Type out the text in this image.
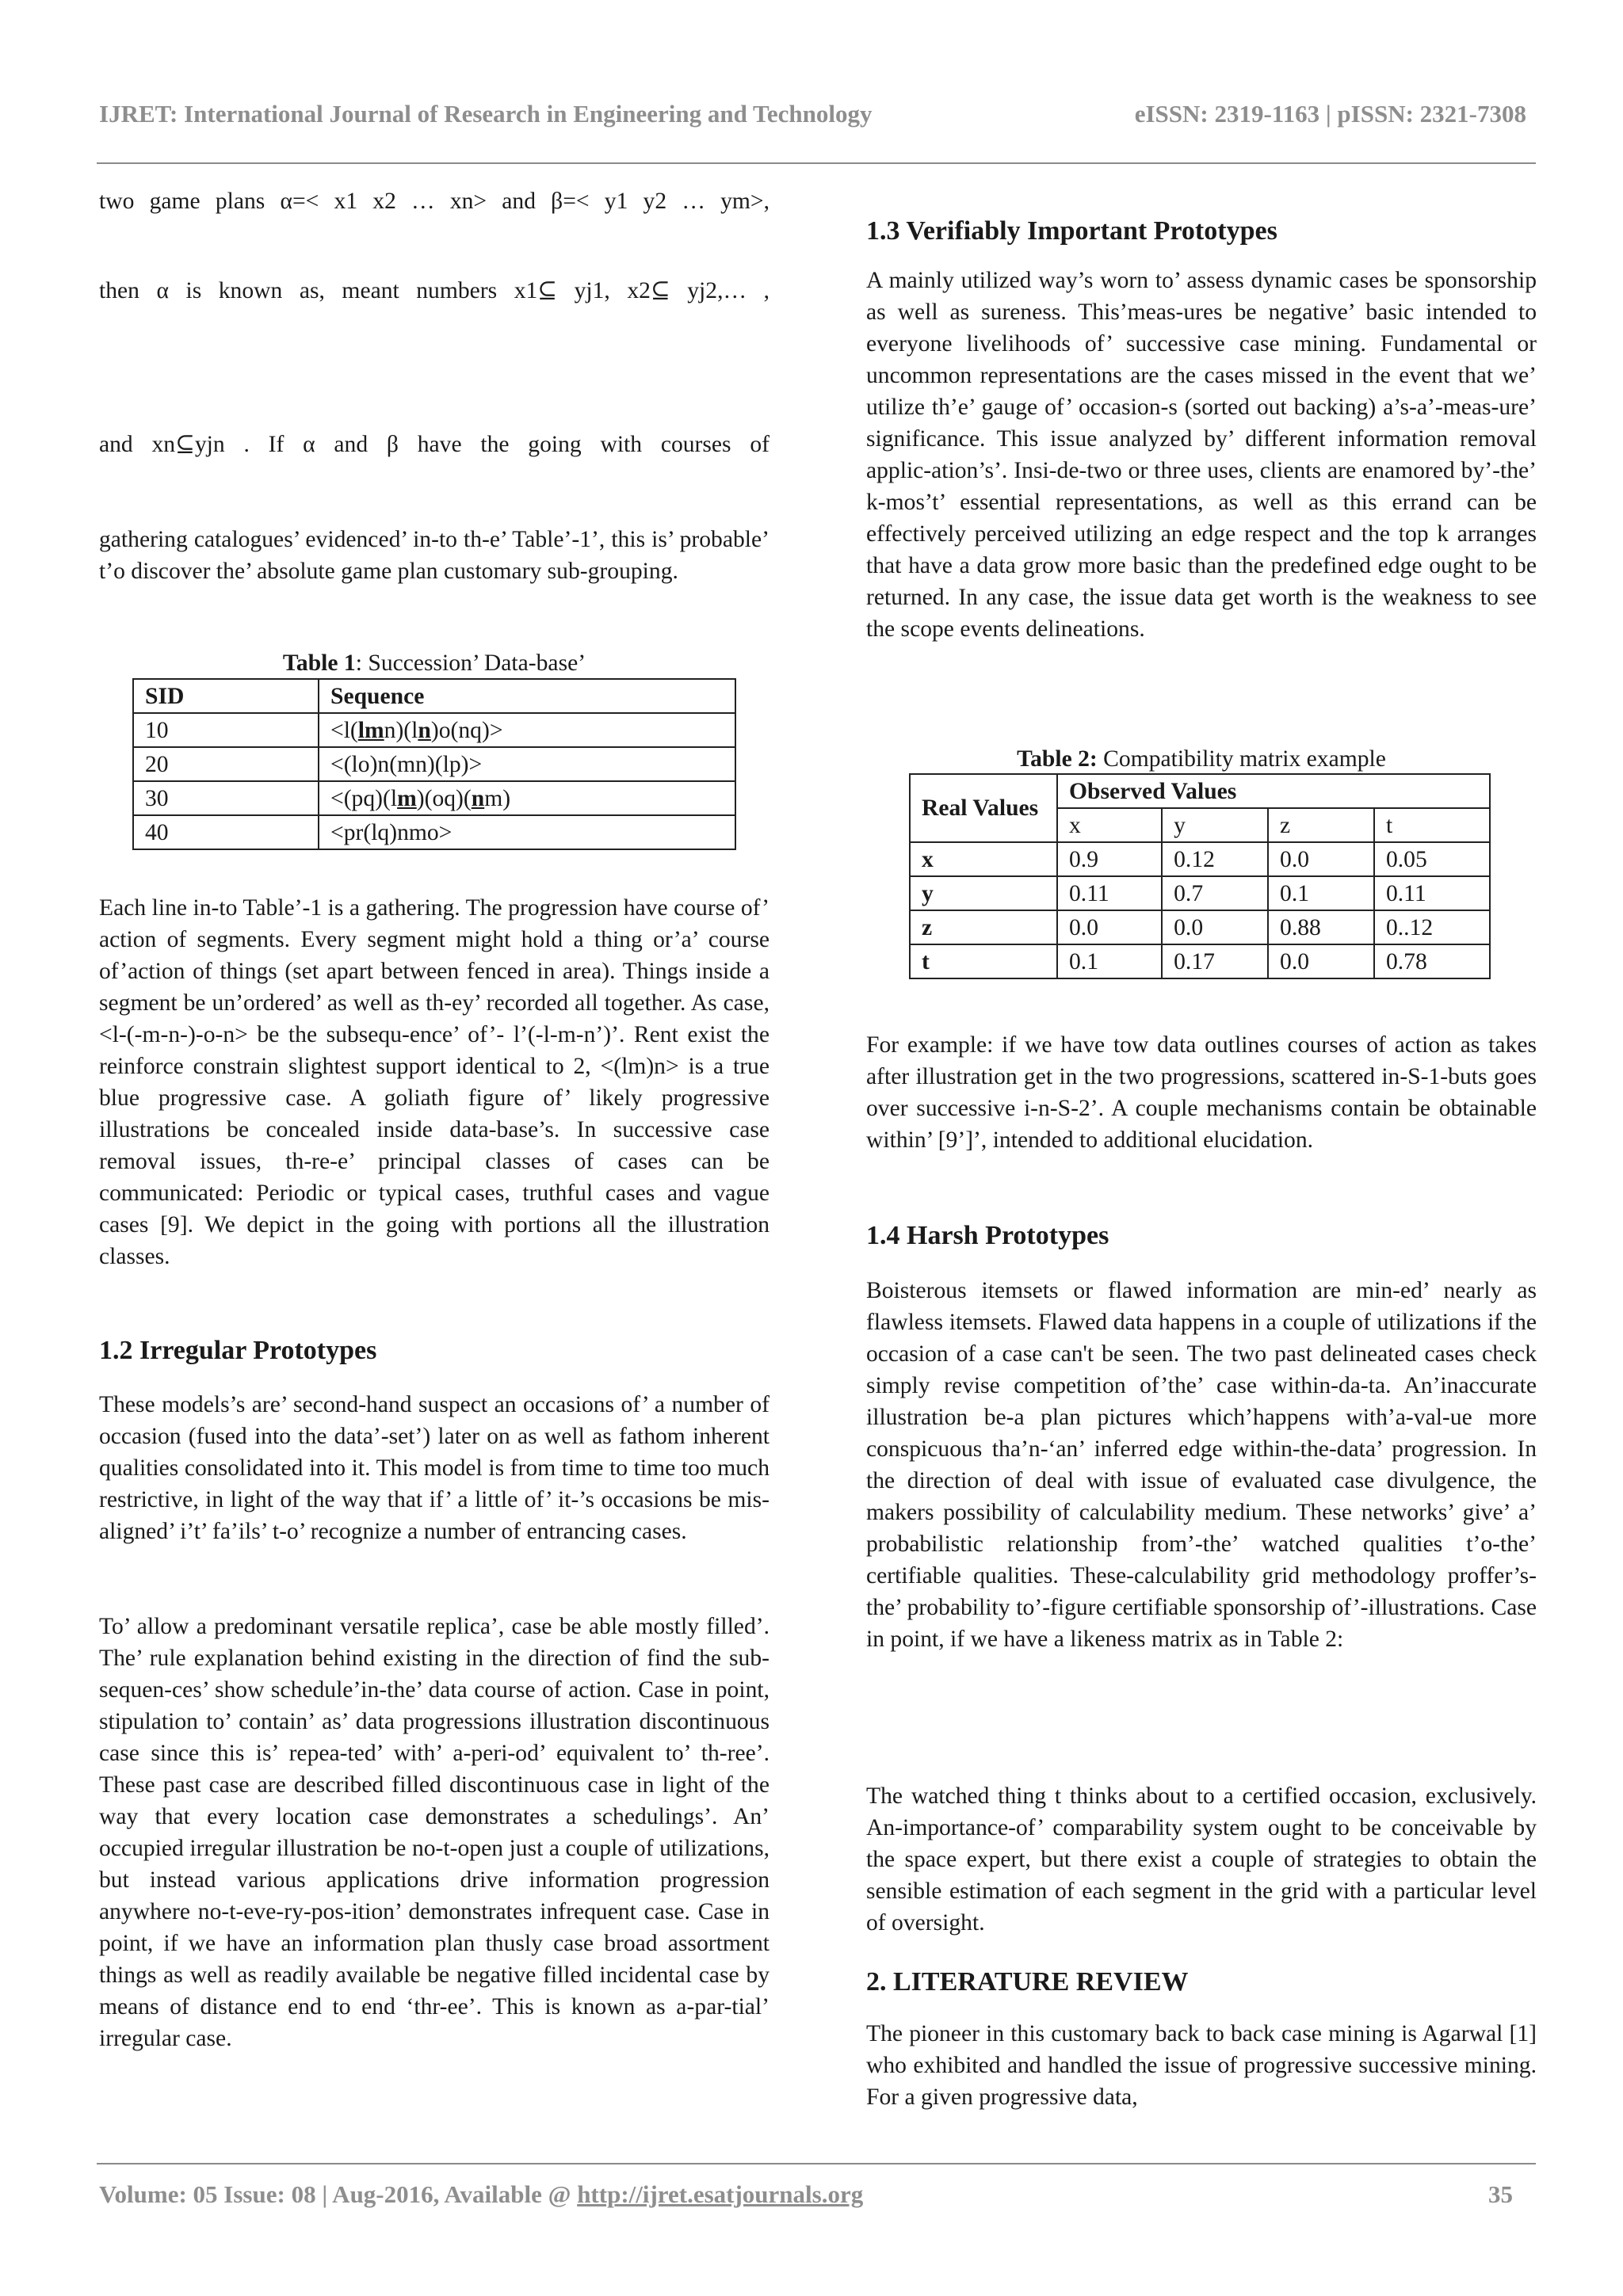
IJRET: International Journal of Research in Engineering and Technology	eISSN: 2319-1163 | pISSN: 2321-7308

two game plans α=< x1 x2 … xn> and β=< y1 y2 … ym>,

then α is known as, meant numbers x1⊆ yj1, x2⊆ yj2,… ,

and xn⊆yjn . If α and β have the going with courses of

gathering catalogues’ evidenced’ in-to th-e’ Table’-1’, this is’ probable’ t’o discover the’ absolute game plan customary sub-grouping.

Table 1: Succession’ Data-base’
SID	Sequence
10	<l(lmn)(ln)o(nq)>
20	<(lo)n(mn)(lp)>
30	<(pq)(lm)(oq)(nm)
40	<pr(lq)nmo>

Each line in-to Table’-1 is a gathering. The progression have course of’ action of segments. Every segment might hold a thing or’a’ course of’action of things (set apart between fenced in area). Things inside a segment be un’ordered’ as well as th-ey’ recorded all together. As case, <l-(-m-n-)-o-n> be the subsequ-ence’ of’- l’(-l-m-n’)’. Rent exist the reinforce constrain slightest support identical to 2, <(lm)n> is a true blue progressive case. A goliath figure of’ likely progressive illustrations be concealed inside data-base’s. In successive case removal issues, th-re-e’ principal classes of cases can be communicated: Periodic or typical cases, truthful cases and vague cases [9]. We depict in the going with portions all the illustration classes.

1.2 Irregular Prototypes

These models’s are’ second-hand suspect an occasions of’ a number of occasion (fused into the data’-set’) later on as well as fathom inherent qualities consolidated into it. This model is from time to time too much restrictive, in light of the way that if’ a little of’ it-’s occasions be mis-aligned’ i’t’ fa’ils’ t-o’ recognize a number of entrancing cases.

To’ allow a predominant versatile replica’, case be able mostly filled’. The’ rule explanation behind existing in the direction of find the sub-sequen-ces’ show schedule’in-the’ data course of action. Case in point, stipulation to’ contain’ as’ data progressions illustration discontinuous case since this is’ repea-ted’ with’ a-peri-od’ equivalent to’ th-ree’. These past case are described filled discontinuous case in light of the way that every location case demonstrates a schedulings’. An’ occupied irregular illustration be no-t-open just a couple of utilizations, but instead various applications drive information progression anywhere no-t-eve-ry-pos-ition’ demonstrates infrequent case. Case in point, if we have an information plan thusly case broad assortment things as well as readily available be negative filled incidental case by means of distance end to end ‘thr-ee’. This is known as a-par-tial’ irregular case.

1.3 Verifiably Important Prototypes

A mainly utilized way’s worn to’ assess dynamic cases be sponsorship as well as sureness. This’meas-ures be negative’ basic intended to everyone livelihoods of’ successive case mining. Fundamental or uncommon representations are the cases missed in the event that we’ utilize th’e’ gauge of’ occasion-s (sorted out backing) a’s-a’-meas-ure’ significance. This issue analyzed by’ different information removal applic-ation’s’. Insi-de-two or three uses, clients are enamored by’-the’ k-mos’t’ essential representations, as well as this errand can be effectively perceived utilizing an edge respect and the top k arranges that have a data grow more basic than the predefined edge ought to be returned. In any case, the issue data get worth is the weakness to see the scope events delineations.

Table 2: Compatibility matrix example
Real Values	Observed Values			
	x	y	z	t
x	0.9	0.12	0.0	0.05
y	0.11	0.7	0.1	0.11
z	0.0	0.0	0.88	0..12
t	0.1	0.17	0.0	0.78

For example: if we have tow data outlines courses of action as takes after illustration get in the two progressions, scattered in-S-1-buts goes over successive i-n-S-2’. A couple mechanisms contain be obtainable within’ [9’]’, intended to additional elucidation.

1.4 Harsh Prototypes

Boisterous itemsets or flawed information are min-ed’ nearly as flawless itemsets. Flawed data happens in a couple of utilizations if the occasion of a case can't be seen. The two past delineated cases check simply revise competition of’the’ case within-da-ta. An’inaccurate illustration be-a plan pictures which’happens with’a-val-ue more conspicuous tha’n-‘an’ inferred edge within-the-data’ progression. In the direction of deal with issue of evaluated case divulgence, the makers possibility of calculability medium. These networks’ give’ a’ probabilistic relationship from’-the’ watched qualities t’o-the’ certifiable qualities. These-calculability grid methodology proffer’s-the’ probability to’-figure certifiable sponsorship of’-illustrations. Case in point, if we have a likeness matrix as in Table 2:

The watched thing t thinks about to a certified occasion, exclusively. An-importance-of’ comparability system ought to be conceivable by the space expert, but there exist a couple of strategies to obtain the sensible estimation of each segment in the grid with a particular level of oversight.

2. LITERATURE REVIEW

The pioneer in this customary back to back case mining is Agarwal [1] who exhibited and handled the issue of progressive successive mining. For a given progressive data,

Volume: 05 Issue: 08 | Aug-2016, Available @ http://ijret.esatjournals.org	35
